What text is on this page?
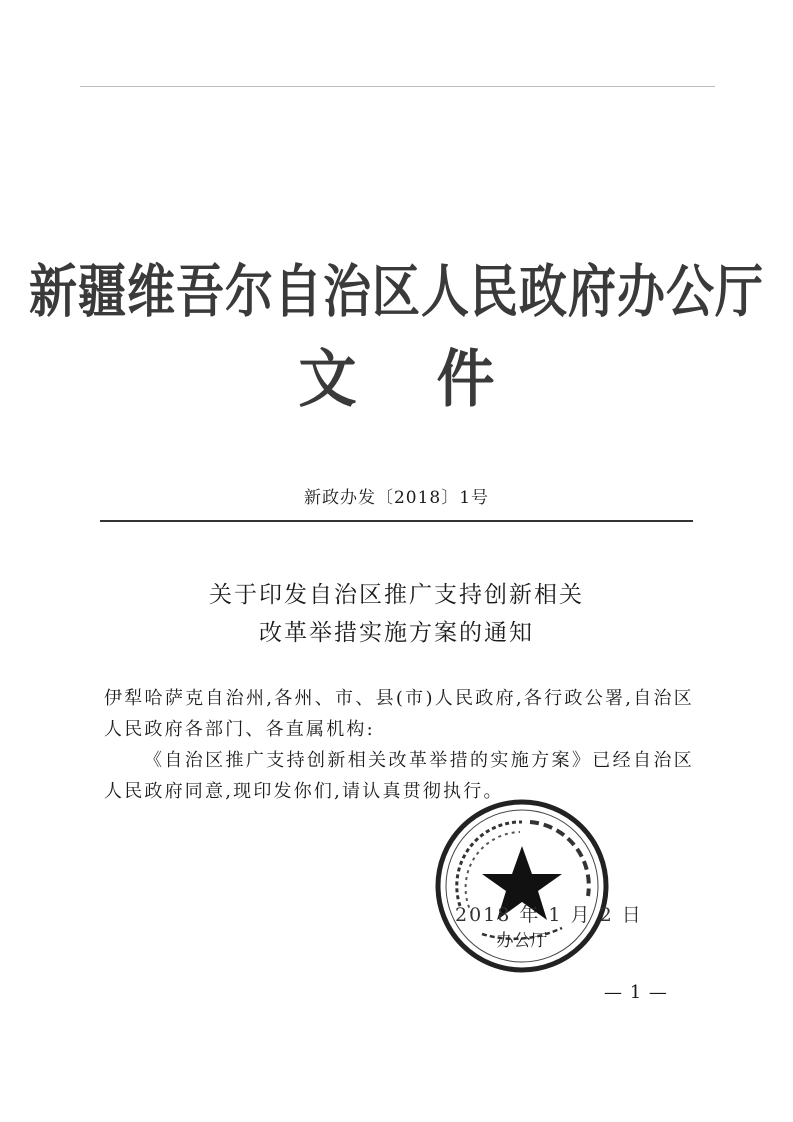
新疆维吾尔自治区人民政府办公厅
文 件
新政办发〔2018〕1号
关于印发自治区推广支持创新相关
改革举措实施方案的通知

伊犁哈萨克自治州,各州、市、县(市)人民政府,各行政公署,自治区人民政府各部门、各直属机构:

《自治区推广支持创新相关改革举措的实施方案》已经自治区人民政府同意,现印发你们,请认真贯彻执行。

办公厅
2018 年 1 月 2 日
— 1 —
